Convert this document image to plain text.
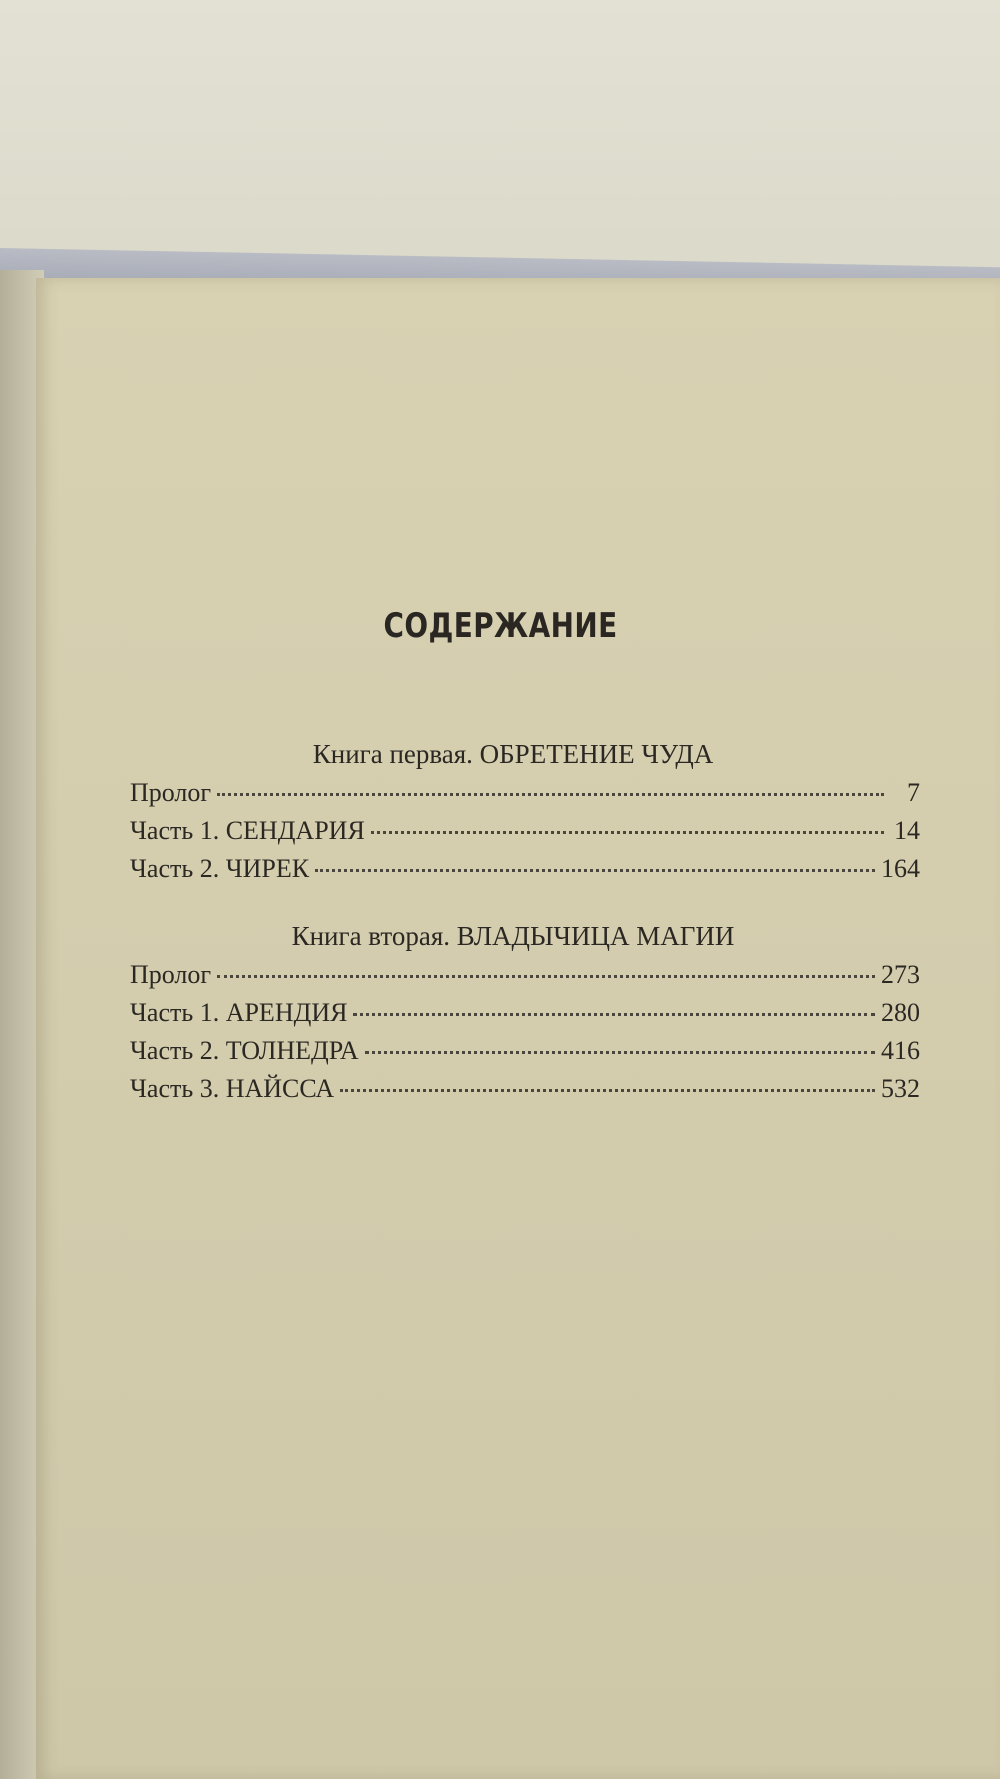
СОДЕРЖАНИЕ
Книга первая. ОБРЕТЕНИЕ ЧУДА
Пролог	7
Часть 1. СЕНДАРИЯ	14
Часть 2. ЧИРЕК	164
Книга вторая. ВЛАДЫЧИЦА МАГИИ
Пролог	273
Часть 1. АРЕНДИЯ	280
Часть 2. ТОЛНЕДРА	416
Часть 3. НАЙССА	532
